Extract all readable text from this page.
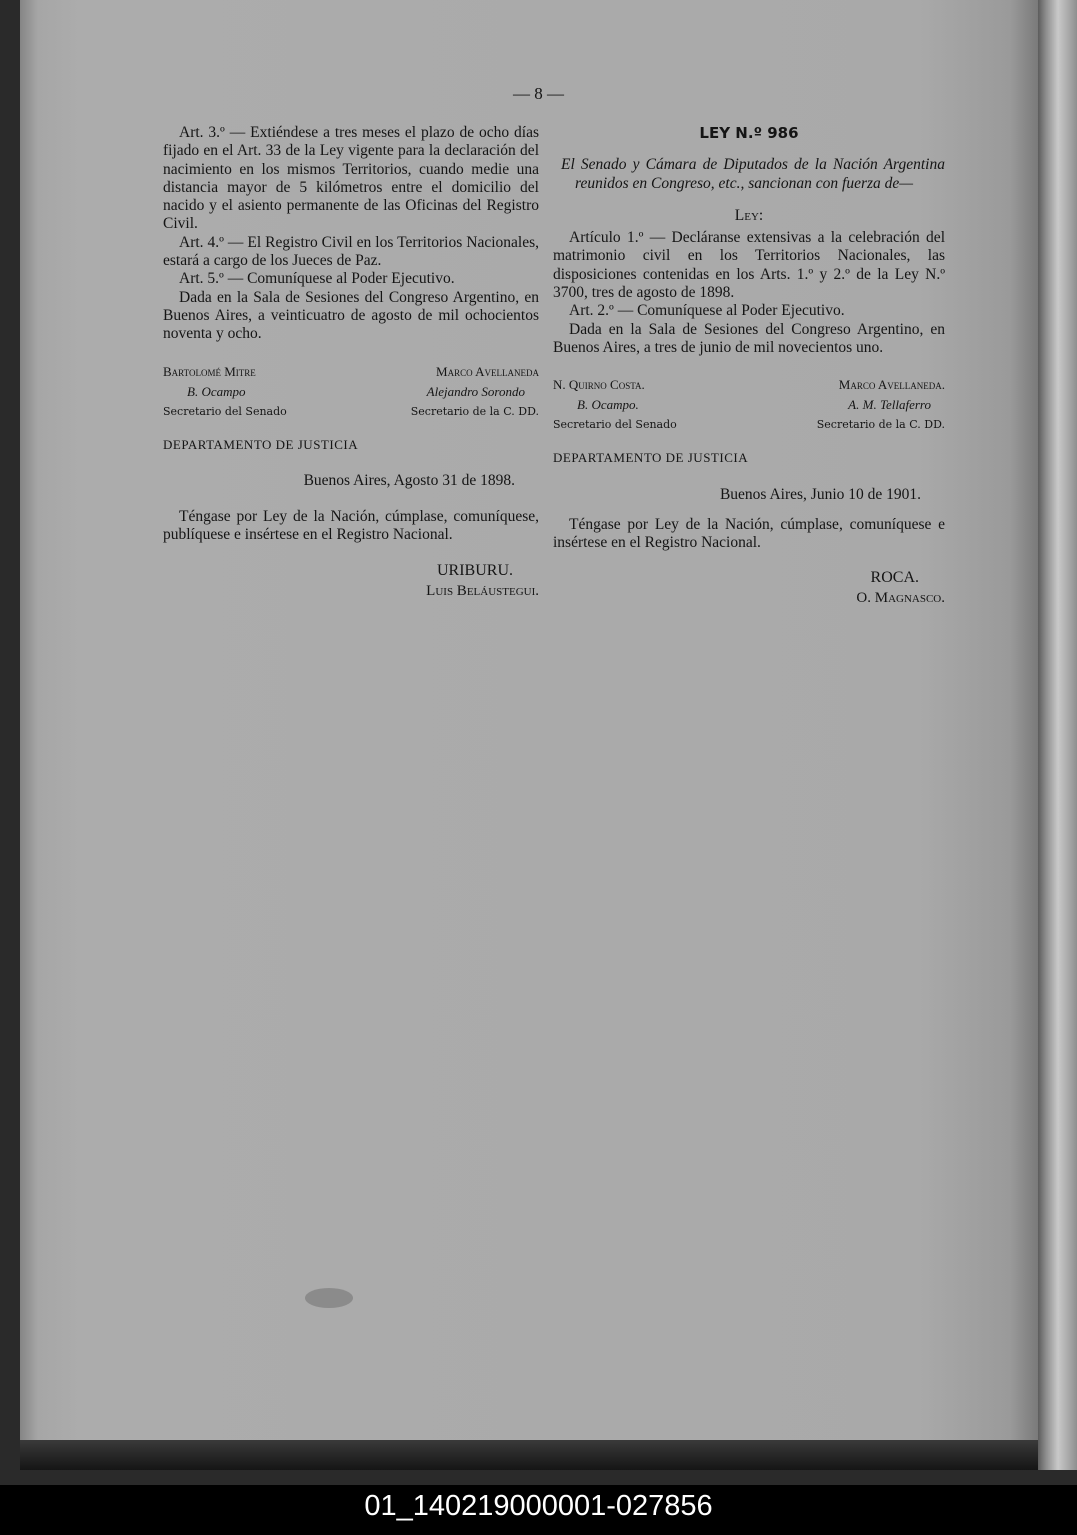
— 8 —

Art. 3.º — Extiéndese a tres meses el plazo de ocho días fijado en el Art. 33 de la Ley vigente para la declaración del nacimiento en los mismos Territorios, cuando medie una distancia mayor de 5 kilómetros entre el domicilio del nacido y el asiento permanente de las Oficinas del Registro Civil.

Art. 4.º — El Registro Civil en los Territorios Nacionales, estará a cargo de los Jueces de Paz.

Art. 5.º — Comuníquese al Poder Ejecutivo.

Dada en la Sala de Sesiones del Congreso Argentino, en Buenos Aires, a veinticuatro de agosto de mil ochocientos noventa y ocho.

Bartolomé Mitre
B. Ocampo
Secretario del Senado
Marco Avellaneda
Alejandro Sorondo
Secretario de la C. DD.
DEPARTAMENTO DE JUSTICIA
Buenos Aires, Agosto 31 de 1898.

Téngase por Ley de la Nación, cúmplase, comuníquese, publíquese e insértese en el Registro Nacional.

URIBURU.
Luis Beláustegui.
LEY N.º 986

El Senado y Cámara de Diputados de la Nación Argentina reunidos en Congreso, etc., sancionan con fuerza de—

Ley:

Artículo 1.º — Decláranse extensivas a la celebración del matrimonio civil en los Territorios Nacionales, las disposiciones contenidas en los Arts. 1.º y 2.º de la Ley N.º 3700, tres de agosto de 1898.

Art. 2.º — Comuníquese al Poder Ejecutivo.

Dada en la Sala de Sesiones del Congreso Argentino, en Buenos Aires, a tres de junio de mil novecientos uno.

N. Quirno Costa.
B. Ocampo.
Secretario del Senado
Marco Avellaneda.
A. M. Tellaferro
Secretario de la C. DD.
DEPARTAMENTO DE JUSTICIA
Buenos Aires, Junio 10 de 1901.

Téngase por Ley de la Nación, cúmplase, comuníquese e insértese en el Registro Nacional.

ROCA.
O. Magnasco.
01_140219000001-027856
